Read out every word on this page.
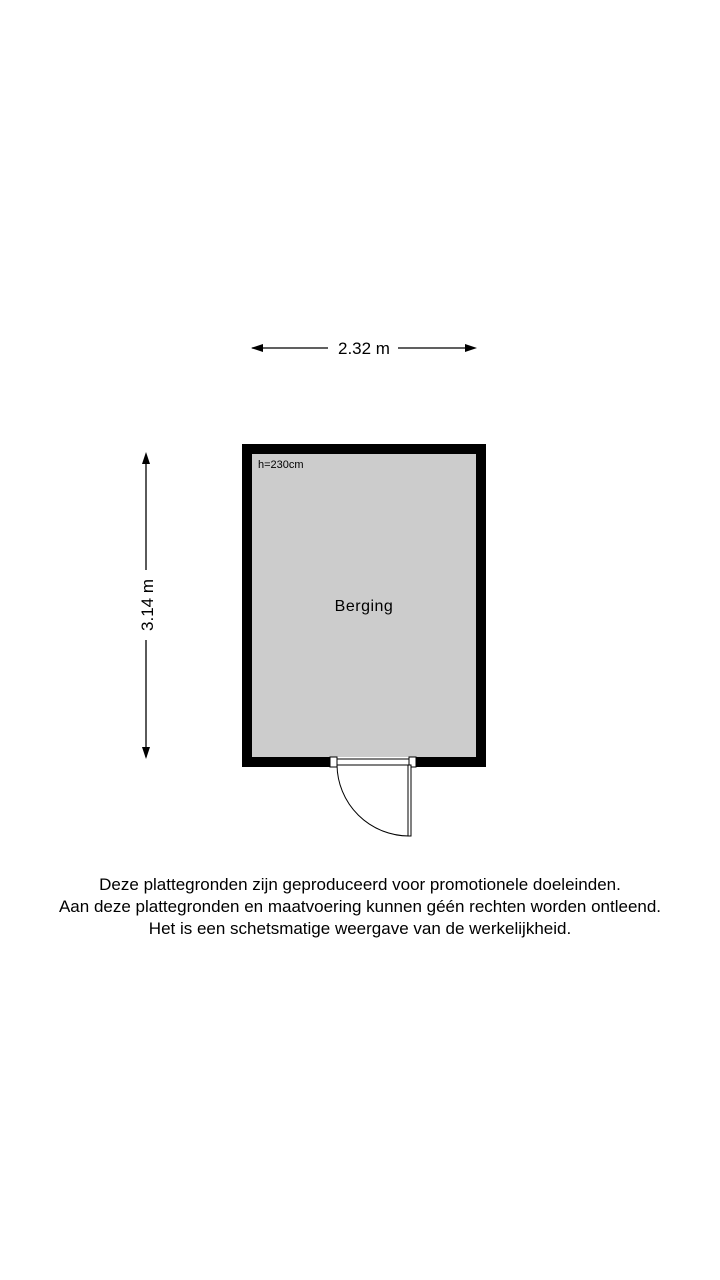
2.32 m
3.14 m
h=230cm
Berging
Deze plattegronden zijn geproduceerd voor promotionele doeleinden.
Aan deze plattegronden en maatvoering kunnen géén rechten worden ontleend.
Het is een schetsmatige weergave van de werkelijkheid.
